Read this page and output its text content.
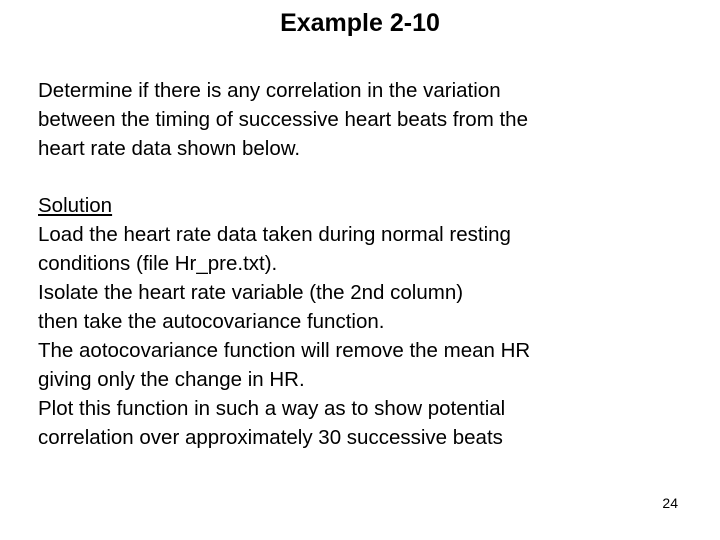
Example 2-10
Determine if there is any correlation in the variation
between the timing of successive heart beats from the
heart rate data shown below.
Solution
Load the heart rate data taken during normal resting
conditions (file Hr_pre.txt).
Isolate the heart rate variable (the 2nd column)
then take the autocovariance function.
The aotocovariance function will remove the mean HR
giving only the change in HR.
Plot this function in such a way as to show potential
correlation over approximately 30 successive beats
24
